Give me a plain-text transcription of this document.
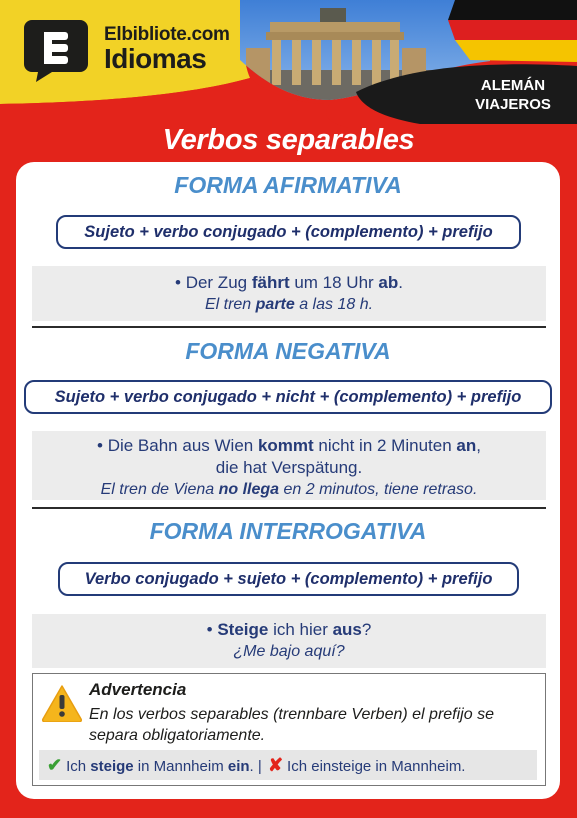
Elbibliote.com
Idiomas
ALEMÁN
VIAJEROS
Verbos separables
FORMA AFIRMATIVA
Sujeto + verbo conjugado + (complemento) + prefijo
• Der Zug fährt um 18 Uhr ab.
El tren parte a las 18 h.
FORMA NEGATIVA
Sujeto + verbo conjugado + nicht + (complemento) + prefijo
• Die Bahn aus Wien kommt nicht in 2 Minuten an,
die hat Verspätung.
El tren de Viena no llega en 2 minutos, tiene retraso.
FORMA INTERROGATIVA
Verbo conjugado + sujeto + (complemento) + prefijo
• Steige ich hier aus?
¿Me bajo aquí?
Advertencia
En los verbos separables (trennbare Verben) el prefijo se separa obligatoriamente.
✔ Ich steige in Mannheim ein. | ✘ Ich einsteige in Mannheim.
